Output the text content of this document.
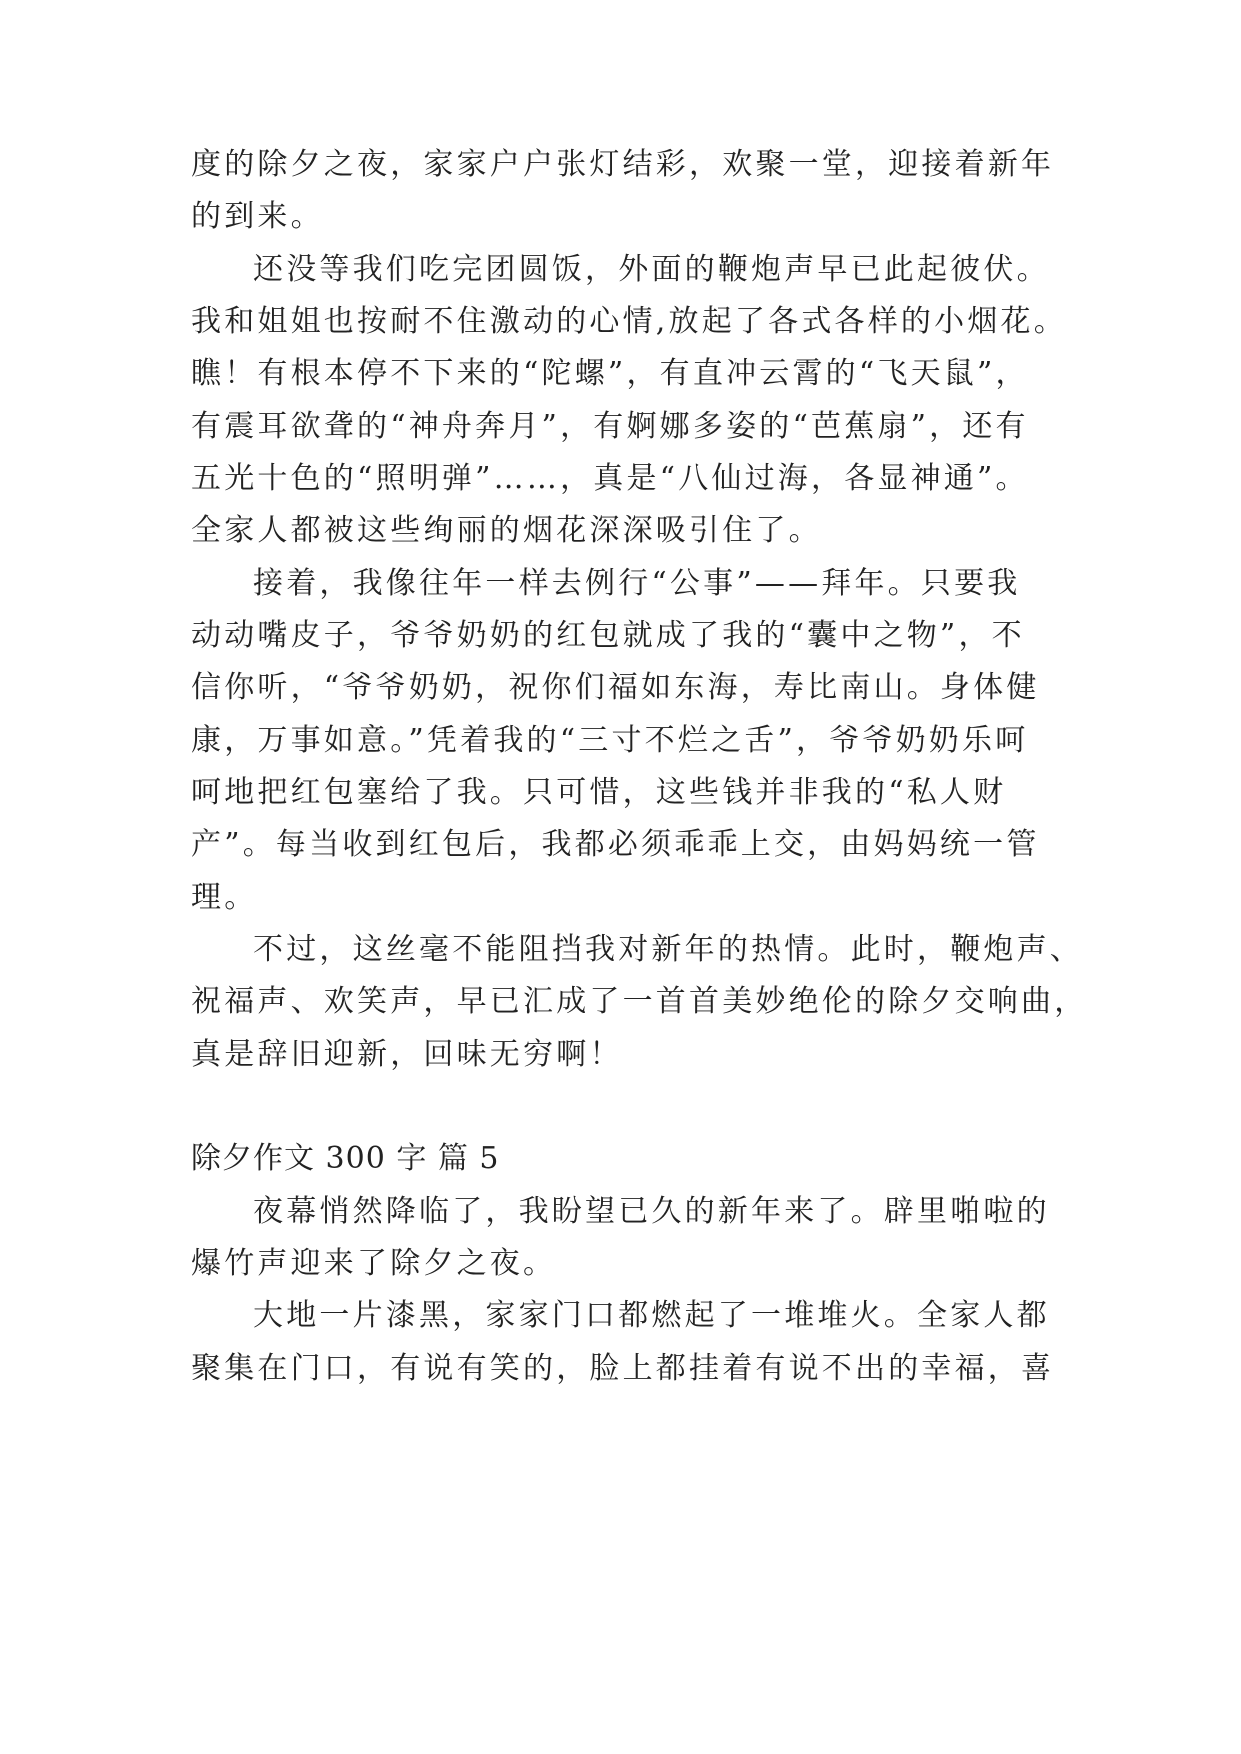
度的除夕之夜，家家户户张灯结彩，欢聚一堂，迎接着新年
的到来。
还没等我们吃完团圆饭，外面的鞭炮声早已此起彼伏。
我和姐姐也按耐不住激动的心情,放起了各式各样的小烟花。
瞧！有根本停不下来的“陀螺”，有直冲云霄的“飞天鼠”，
有震耳欲聋的“神舟奔月”，有婀娜多姿的“芭蕉扇”，还有
五光十色的“照明弹”……，真是“八仙过海，各显神通”。
全家人都被这些绚丽的烟花深深吸引住了。
接着，我像往年一样去例行“公事”——拜年。只要我
动动嘴皮子，爷爷奶奶的红包就成了我的“囊中之物”，不
信你听，“爷爷奶奶，祝你们福如东海，寿比南山。身体健
康，万事如意。”凭着我的“三寸不烂之舌”，爷爷奶奶乐呵
呵地把红包塞给了我。只可惜，这些钱并非我的“私人财
产”。每当收到红包后，我都必须乖乖上交，由妈妈统一管
理。
不过，这丝毫不能阻挡我对新年的热情。此时，鞭炮声、
祝福声、欢笑声，早已汇成了一首首美妙绝伦的除夕交响曲，
真是辞旧迎新，回味无穷啊！
除夕作文 300 字 篇 5
夜幕悄然降临了，我盼望已久的新年来了。辟里啪啦的
爆竹声迎来了除夕之夜。
大地一片漆黑，家家门口都燃起了一堆堆火。全家人都
聚集在门口，有说有笑的，脸上都挂着有说不出的幸福，喜
